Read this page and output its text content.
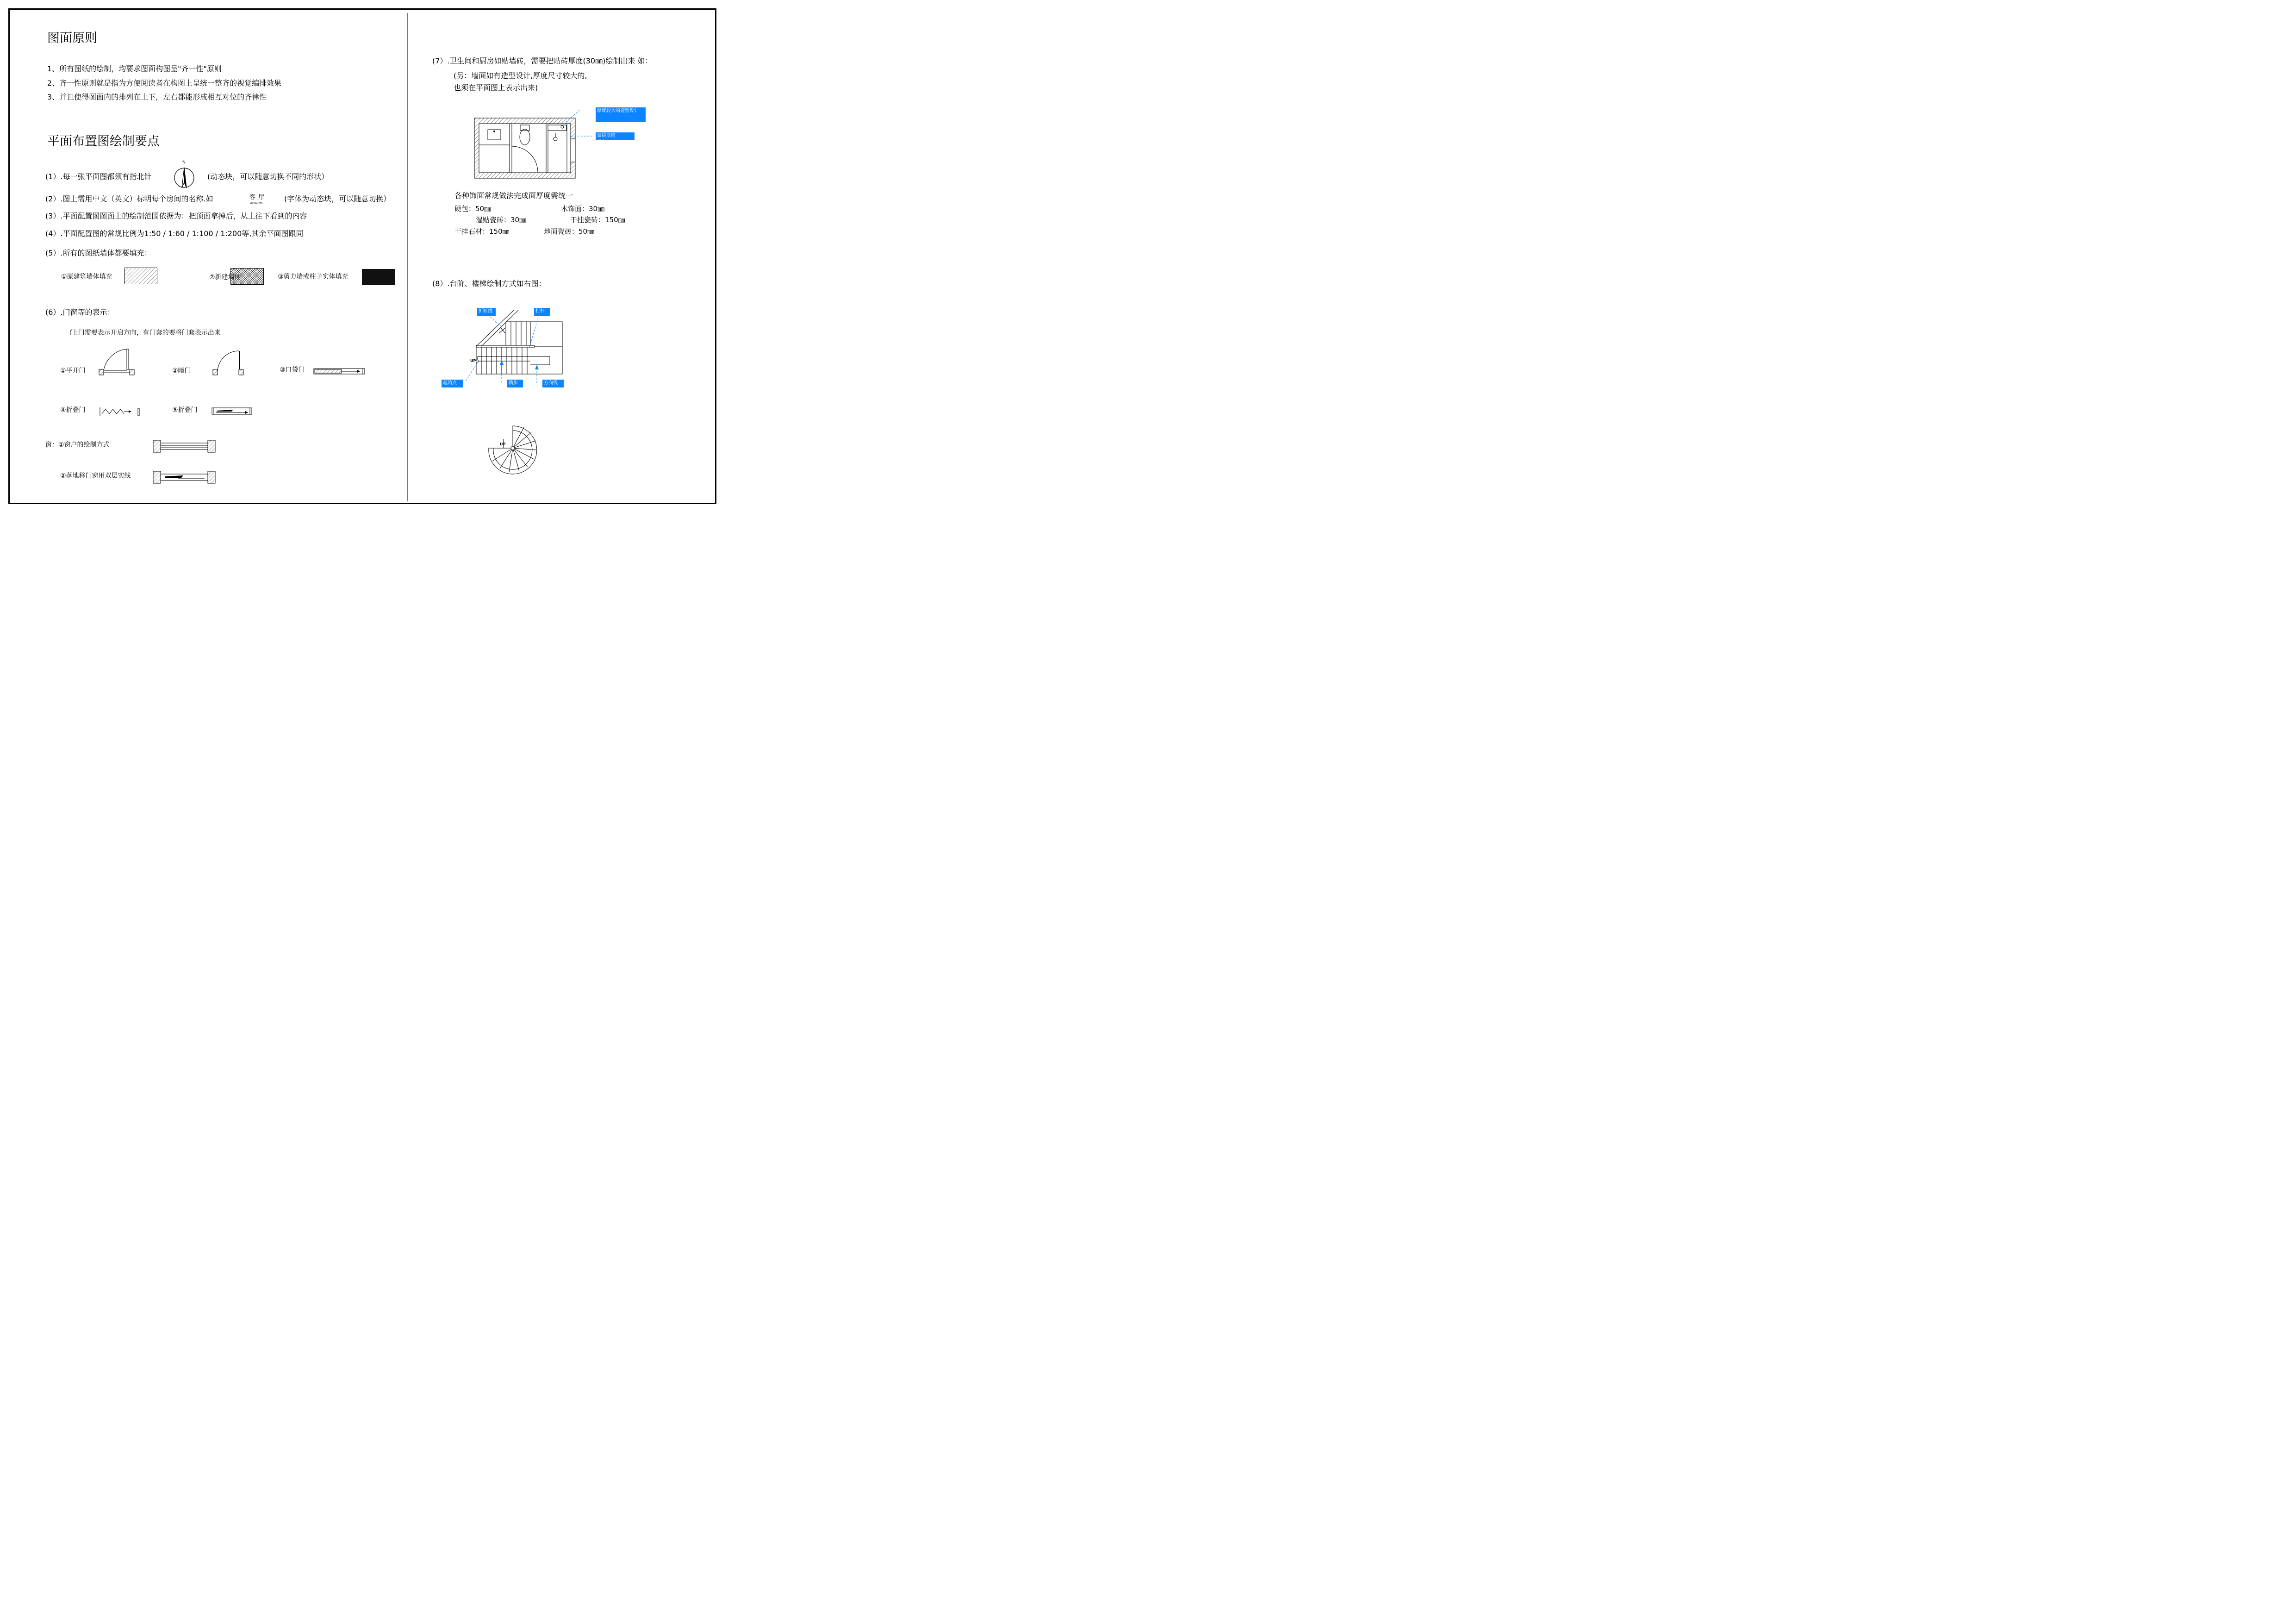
图面原则
1、所有图纸的绘制，均要求图面构图呈"齐一性"原则
2、齐一性原则就是指为方便阅读者在构图上呈统一整齐的视觉编排效果
3、并且使得图面内的排列在上下，左右都能形成相互对位的齐律性
平面布置图绘制要点
(1）.每一张平面图都须有指北针
N
(动态块，可以随意切换不同的形状）
(2）.图上需用中文（英文）标明每个房间的名称.如	客 厅
LIVING RM.	(字体为动态块，可以随意切换）
(3）.平面配置图图面上的绘制范围依据为：把顶面拿掉后，从上往下看到的内容
(4）.平面配置图的常规比例为1:50 / 1:60 / 1:100 / 1:200等,其余平面图跟同
(5）.所有的图纸墙体都要填充：
①原建筑墙体填充	②新建墙体	③剪力墙或柱子实体填充
(6）.门窗等的表示：
门:门需要表示开启方向，有门套的要将门套表示出来
①平开门	②暗门	③口袋门
④折叠门	⑤折叠门
窗：①窗户的绘制方式
②落地移门窗用双层实线
(7）.卫生间和厨房如贴墙砖，需要把贴砖厚度(30㎜)绘制出来 如：
(另：墙面如有造型设计,厚度尺寸较大的,
也须在平面图上表示出来)
厚度较大的造型设计
墙砖厚度(30mm)
各种饰面常规做法完成面厚度需统一
硬包：50㎜	木饰面：30㎜
湿贴瓷砖：30㎜	干挂瓷砖：150㎜
干挂石材：150㎜	地面瓷砖：50㎜
(8）.台阶、楼梯绘制方式如右图：
UP
折断线	栏杆
起始点	踏步	方向线
UP
